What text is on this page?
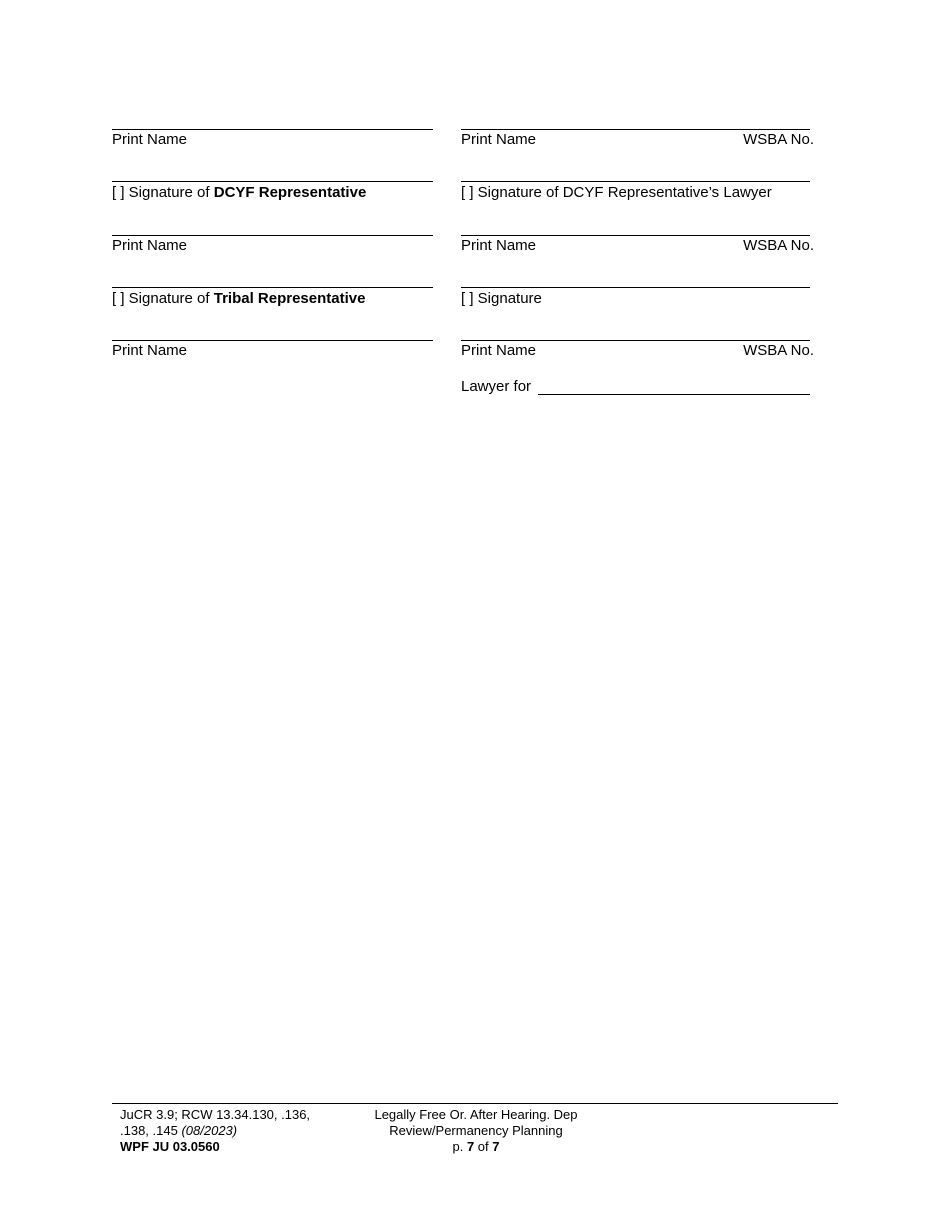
Print Name
[ ] Signature of DCYF Representative
Print Name
[ ] Signature of Tribal Representative
Print Name
Print Name	WSBA No.
[ ] Signature of DCYF Representative’s Lawyer
Print Name	WSBA No.
[ ] Signature
Print Name	WSBA No.
Lawyer for
JuCR 3.9; RCW 13.34.130, .136,
.138, .145 (08/2023)
WPF JU 03.0560
Legally Free Or. After Hearing. Dep
Review/Permanency Planning
p. 7 of 7
